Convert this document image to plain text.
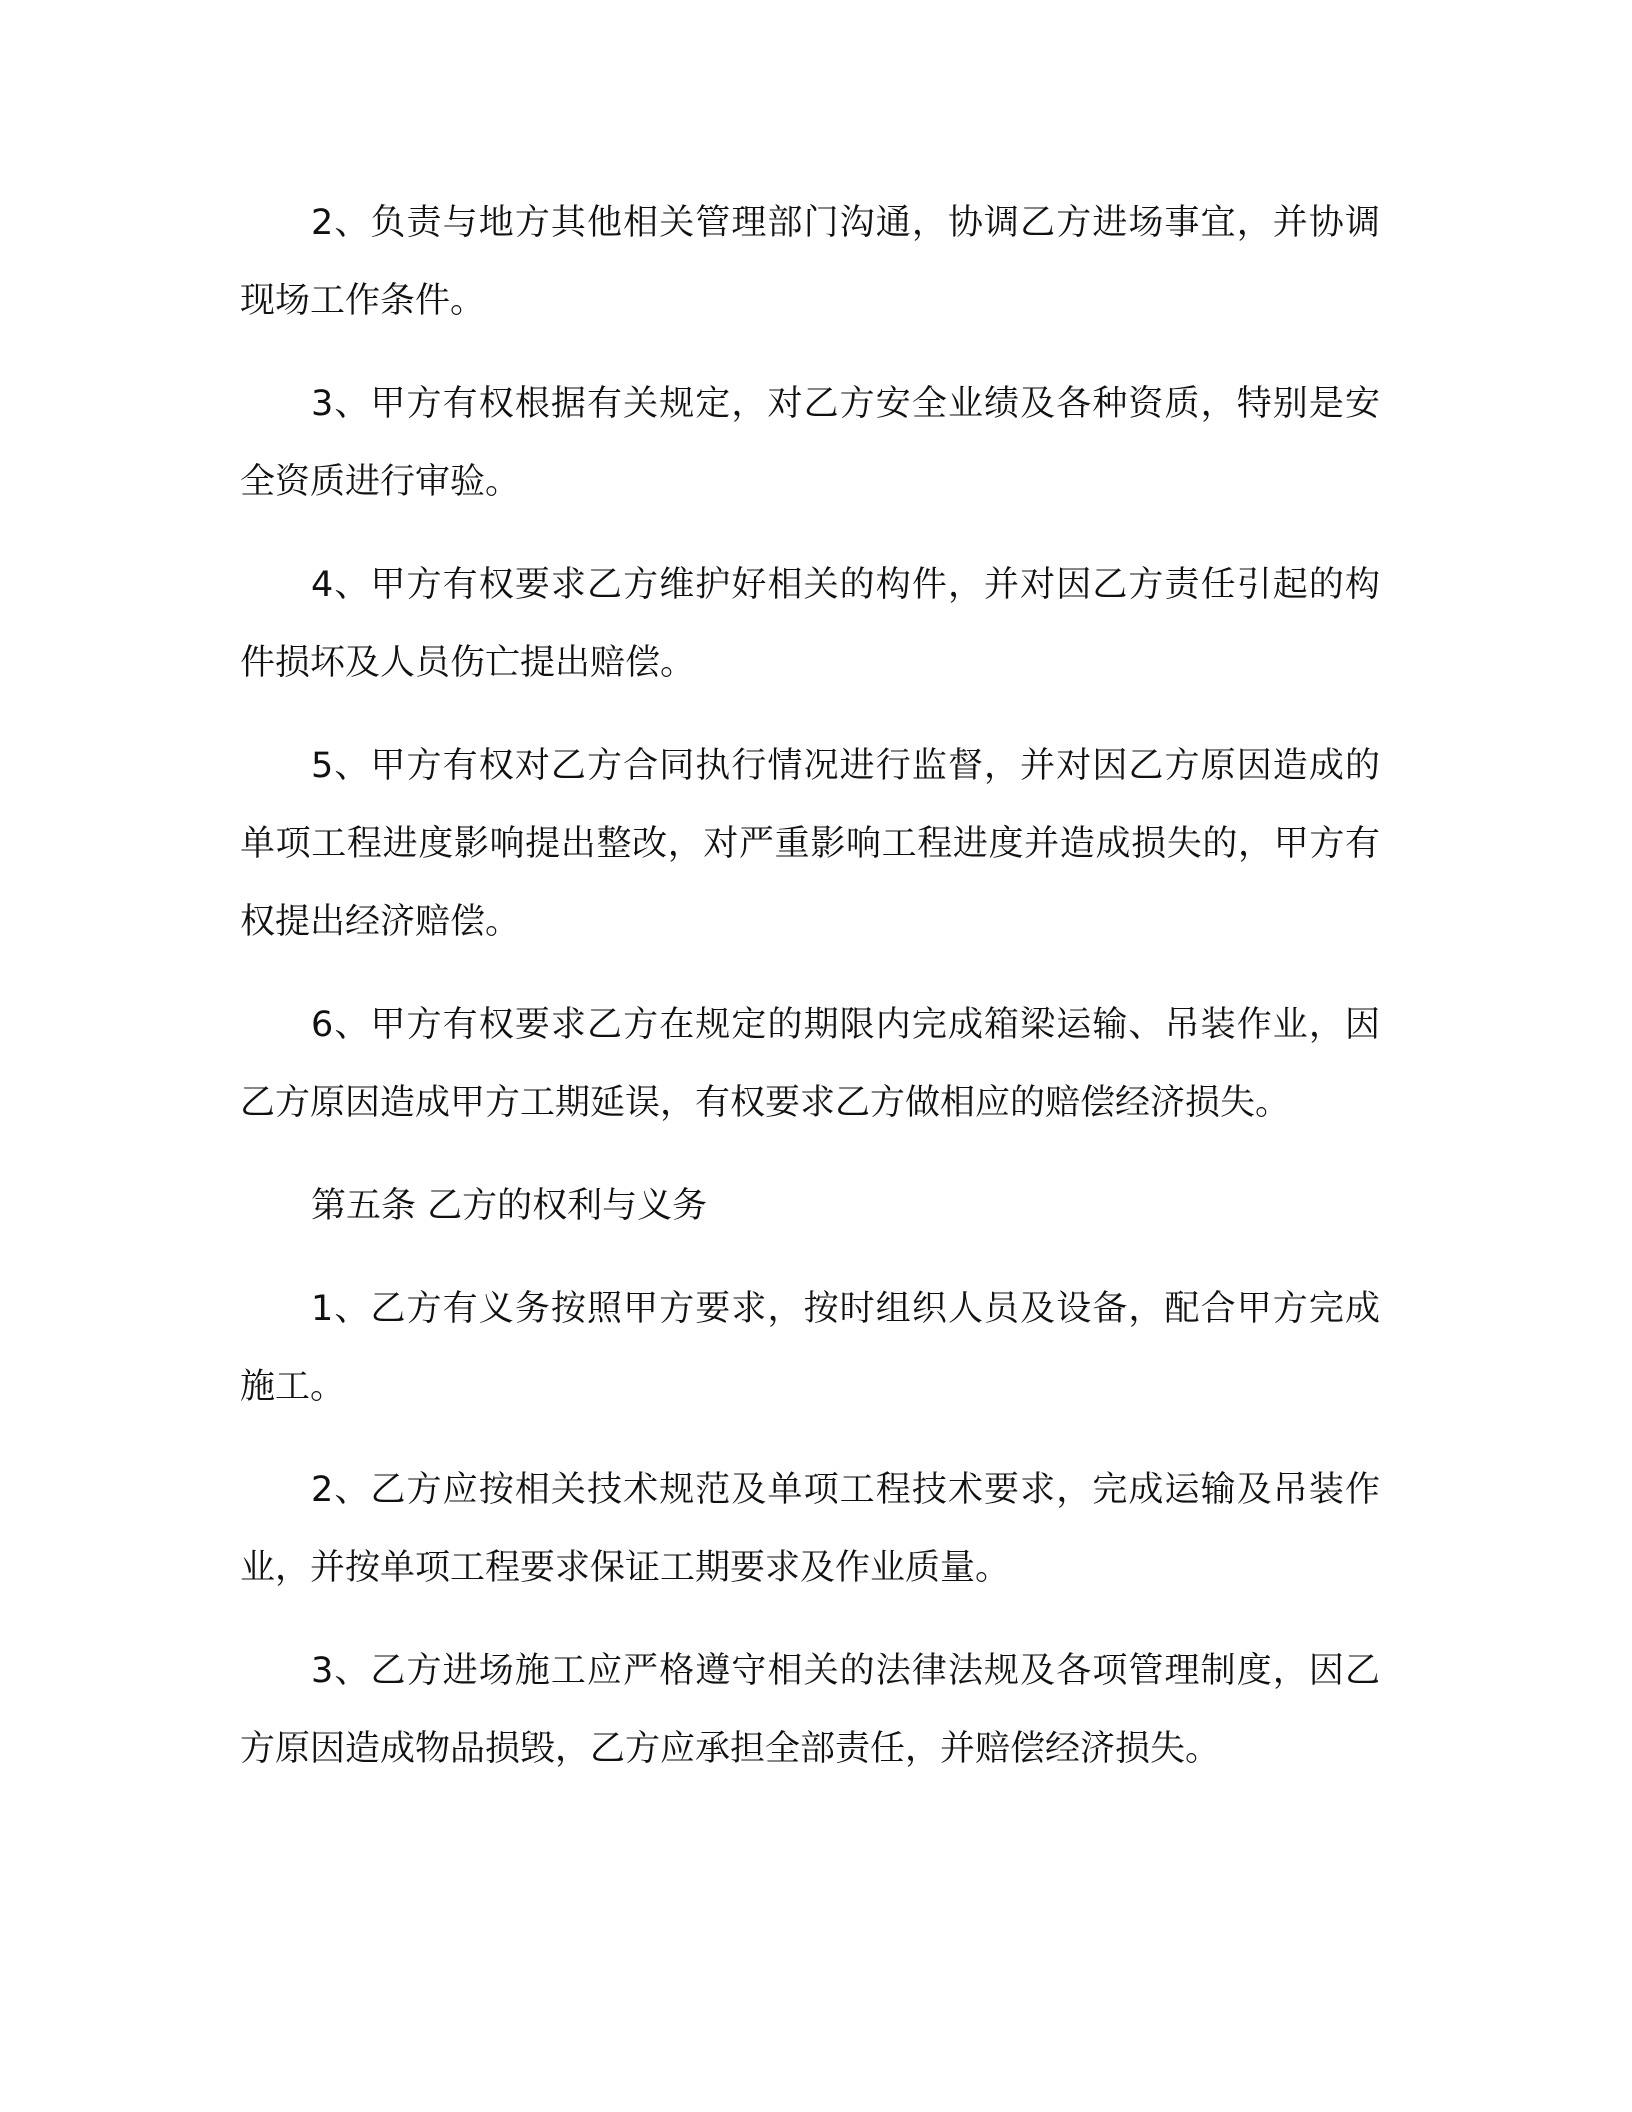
2、负责与地方其他相关管理部门沟通，协调乙方进场事宜，并协调现场工作条件。

3、甲方有权根据有关规定，对乙方安全业绩及各种资质，特别是安全资质进行审验。

4、甲方有权要求乙方维护好相关的构件，并对因乙方责任引起的构件损坏及人员伤亡提出赔偿。

5、甲方有权对乙方合同执行情况进行监督，并对因乙方原因造成的单项工程进度影响提出整改，对严重影响工程进度并造成损失的，甲方有权提出经济赔偿。

6、甲方有权要求乙方在规定的期限内完成箱梁运输、吊装作业，因乙方原因造成甲方工期延误，有权要求乙方做相应的赔偿经济损失。

第五条 乙方的权利与义务

1、乙方有义务按照甲方要求，按时组织人员及设备，配合甲方完成施工。

2、乙方应按相关技术规范及单项工程技术要求，完成运输及吊装作业，并按单项工程要求保证工期要求及作业质量。

3、乙方进场施工应严格遵守相关的法律法规及各项管理制度，因乙方原因造成物品损毁，乙方应承担全部责任，并赔偿经济损失。
